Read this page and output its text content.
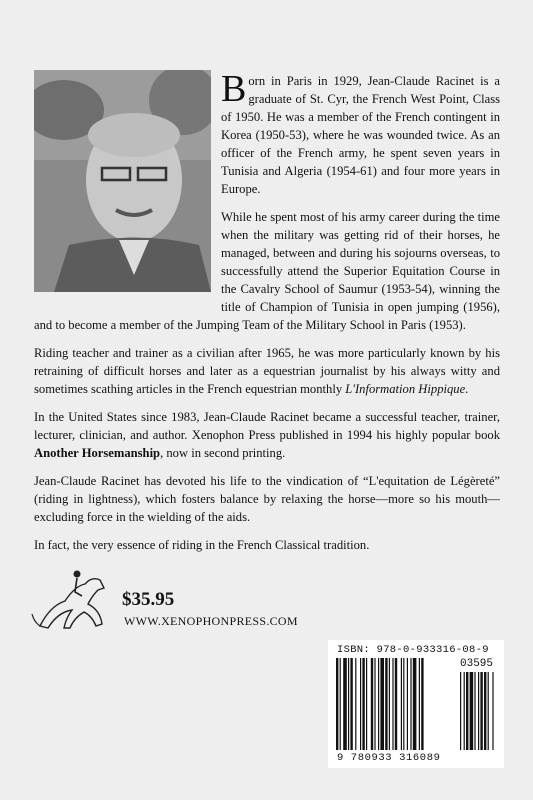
Born in Paris in 1929, Jean-Claude Racinet is a graduate of St. Cyr, the French West Point, Class of 1950. He was a member of the French contingent in Korea (1950-53), where he was wounded twice. As an officer of the French army, he spent seven years in Tunisia and Algeria (1954-61) and four more years in Europe.

While he spent most of his army career during the time when the military was getting rid of their horses, he managed, between and during his sojourns overseas, to successfully attend the Superior Equitation Course in the Cavalry School of Saumur (1953-54), winning the title of Champion of Tunisia in open jumping (1956), and to become a member of the Jumping Team of the Military School in Paris (1953).

Riding teacher and trainer as a civilian after 1965, he was more particularly known by his retraining of difficult horses and later as a equestrian journalist by his always witty and sometimes scathing articles in the French equestrian monthly L'Information Hippique.

In the United States since 1983, Jean-Claude Racinet became a successful teacher, trainer, lecturer, clinician, and author. Xenophon Press published in 1994 his highly popular book Another Horsemanship, now in second printing.

Jean-Claude Racinet has devoted his life to the vindication of “L'equitation de Légèreté” (riding in lightness), which fosters balance by relaxing the horse—more so his mouth—excluding force in the wielding of the aids.

In fact, the very essence of riding in the French Classical tradition.

$35.95
WWW.XENOPHONPRESS.COM
ISBN: 978-0-933316-08-9
03595
9 780933 316089
